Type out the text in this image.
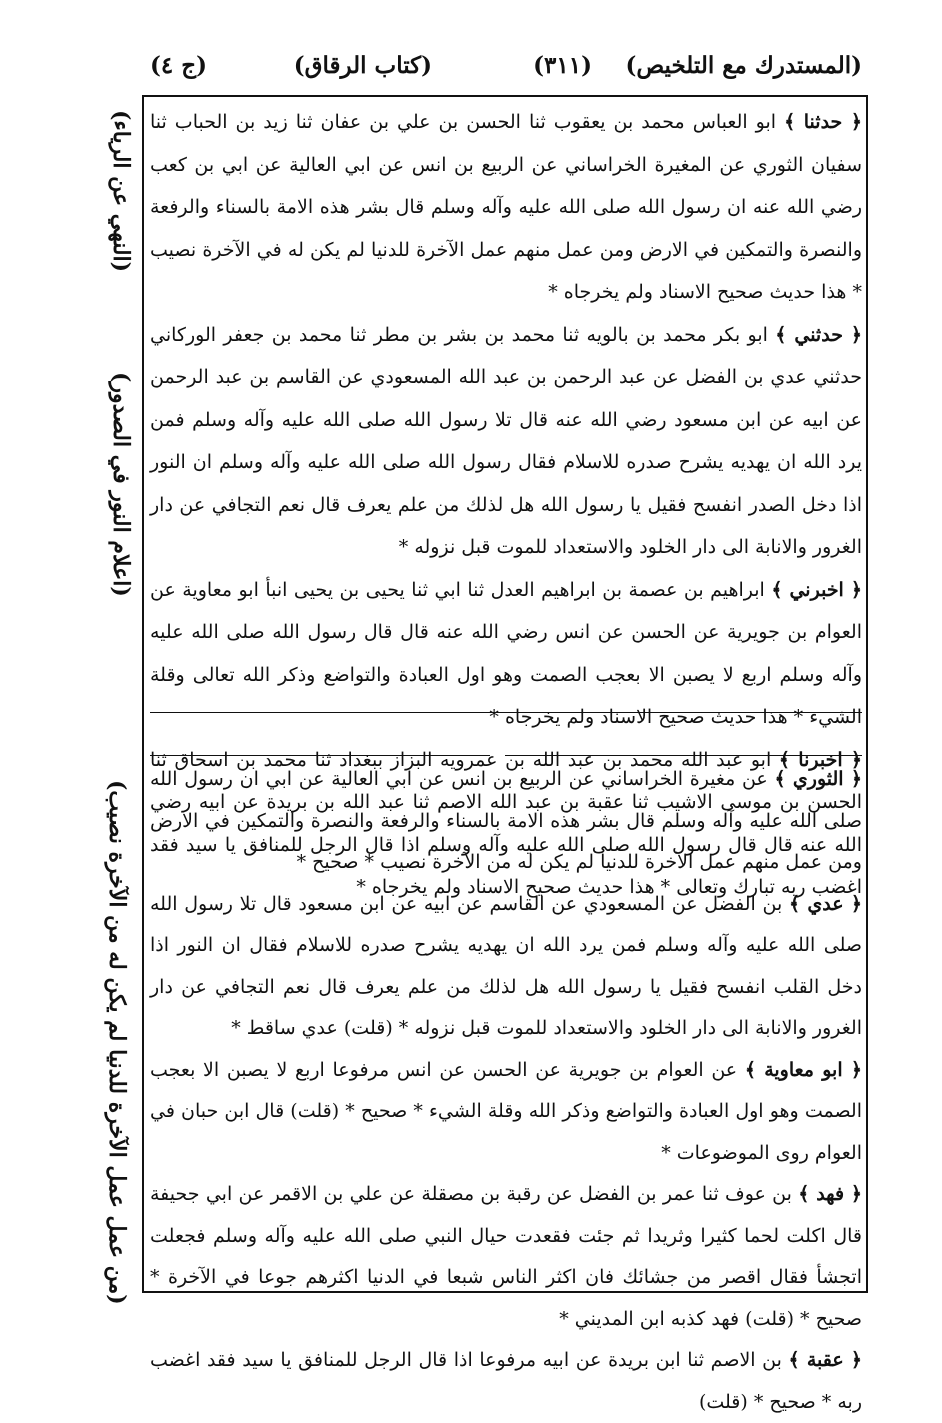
(المستدرك مع التلخيص)
(٣١١)
(كتاب الرقاق)
(ج ٤)

﴿ حدثنا ﴾ ابو العباس محمد بن يعقوب ثنا الحسن بن علي بن عفان ثنا زيد بن الحباب ثنا سفيان الثوري عن المغيرة الخراساني عن الربيع بن انس عن ابي العالية عن ابي بن كعب رضي الله عنه ان رسول الله صلى الله عليه وآله وسلم قال بشر هذه الامة بالسناء والرفعة والنصرة والتمكين في الارض ومن عمل منهم عمل الآخرة للدنيا لم يكن له في الآخرة نصيب * هذا حديث صحيح الاسناد ولم يخرجاه *

﴿ حدثني ﴾ ابو بكر محمد بن بالويه ثنا محمد بن بشر بن مطر ثنا محمد بن جعفر الوركاني حدثني عدي بن الفضل عن عبد الرحمن بن عبد الله المسعودي عن القاسم بن عبد الرحمن عن ابيه عن ابن مسعود رضي الله عنه قال تلا رسول الله صلى الله عليه وآله وسلم فمن يرد الله ان يهديه يشرح صدره للاسلام فقال رسول الله صلى الله عليه وآله وسلم ان النور اذا دخل الصدر انفسح فقيل يا رسول الله هل لذلك من علم يعرف قال نعم التجافي عن دار الغرور والانابة الى دار الخلود والاستعداد للموت قبل نزوله *

﴿ اخبرني ﴾ ابراهيم بن عصمة بن ابراهيم العدل ثنا ابي ثنا يحيى بن يحيى انبأ ابو معاوية عن العوام بن جويرية عن الحسن عن انس رضي الله عنه قال قال رسول الله صلى الله عليه وآله وسلم اربع لا يصبن الا بعجب الصمت وهو اول العبادة والتواضع وذكر الله تعالى وقلة الشيء * هذا حديث صحيح الاسناد ولم يخرجاه *

﴿ اخبرنا ﴾ ابو عبد الله محمد بن عبد الله بن عمرويه البزاز ببغداد ثنا محمد بن اسحاق ثنا الحسن بن موسى الاشيب ثنا عقبة بن عبد الله الاصم ثنا عبد الله بن بريدة عن ابيه رضي الله عنه قال قال رسول الله صلى الله عليه وآله وسلم اذا قال الرجل للمنافق يا سيد فقد اغضب ربه تبارك وتعالى * هذا حديث صحيح الاسناد ولم يخرجاه *

﴿ الثوري ﴾ عن مغيرة الخراساني عن الربيع بن انس عن ابي العالية عن ابي ان رسول الله صلى الله عليه وآله وسلم قال بشر هذه الامة بالسناء والرفعة والنصرة والتمكين في الارض ومن عمل منهم عمل الآخرة للدنيا لم يكن له من الآخرة نصيب * صحيح *

﴿ عدي ﴾ بن الفضل عن المسعودي عن القاسم عن ابيه عن ابن مسعود قال تلا رسول الله صلى الله عليه وآله وسلم فمن يرد الله ان يهديه يشرح صدره للاسلام فقال ان النور اذا دخل القلب انفسح فقيل يا رسول الله هل لذلك من علم يعرف قال نعم التجافي عن دار الغرور والانابة الى دار الخلود والاستعداد للموت قبل نزوله * (قلت) عدي ساقط *

﴿ ابو معاوية ﴾ عن العوام بن جويرية عن الحسن عن انس مرفوعا اربع لا يصبن الا بعجب الصمت وهو اول العبادة والتواضع وذكر الله وقلة الشيء * صحيح * (قلت) قال ابن حبان في العوام روى الموضوعات *

﴿ فهد ﴾ بن عوف ثنا عمر بن الفضل عن رقبة بن مصقلة عن علي بن الاقمر عن ابي جحيفة قال اكلت لحما كثيرا وثريدا ثم جئت فقعدت حيال النبي صلى الله عليه وآله وسلم فجعلت اتجشأ فقال اقصر من جشائك فان اكثر الناس شبعا في الدنيا اكثرهم جوعا في الآخرة * صحيح * (قلت) فهد كذبه ابن المديني *

﴿ عقبة ﴾ بن الاصم ثنا ابن بريدة عن ابيه مرفوعا اذا قال الرجل للمنافق يا سيد فقد اغضب ربه * صحيح * (قلت)

(النهي عن الرياء)
(اعلام النور في الصدور)
(من عمل عمل الآخرة للدنيا لم يكن له من الآخرة نصيب)
